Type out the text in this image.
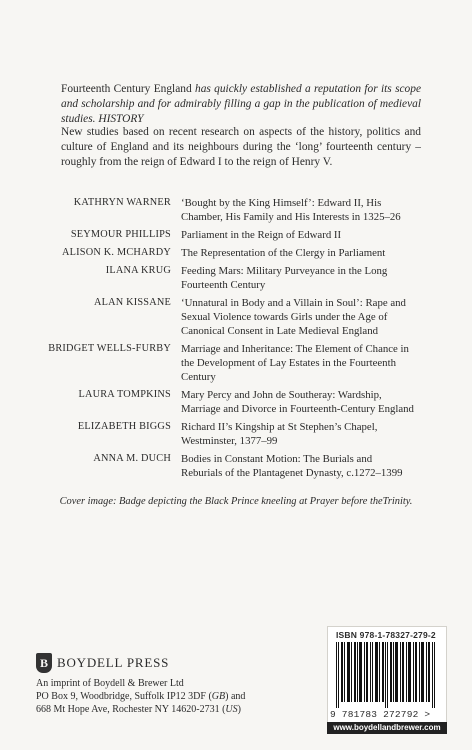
Fourteenth Century England has quickly established a reputation for its scope and scholarship and for admirably filling a gap in the publication of medieval studies. HISTORY

New studies based on recent research on aspects of the history, politics and culture of England and its neighbours during the ‘long’ fourteenth century – roughly from the reign of Edward I to the reign of Henry V.

KATHRYN WARNER ‘Bought by the King Himself’: Edward II, His Chamber, His Family and His Interests in 1325–26
SEYMOUR PHILLIPS Parliament in the Reign of Edward II
ALISON K. MCHARDY The Representation of the Clergy in Parliament
ILANA KRUG Feeding Mars: Military Purveyance in the Long Fourteenth Century
ALAN KISSANE ‘Unnatural in Body and a Villain in Soul’: Rape and Sexual Violence towards Girls under the Age of Canonical Consent in Late Medieval England
BRIDGET WELLS-FURBY Marriage and Inheritance: The Element of Chance in the Development of Lay Estates in the Fourteenth Century
LAURA TOMPKINS Mary Percy and John de Southeray: Wardship, Marriage and Divorce in Fourteenth-Century England
ELIZABETH BIGGS Richard II’s Kingship at St Stephen’s Chapel, Westminster, 1377–99
ANNA M. DUCH Bodies in Constant Motion: The Burials and Reburials of the Plantagenet Dynasty, c.1272–1399
Cover image: Badge depicting the Black Prince kneeling at Prayer before theTrinity.
B BOYDELL PRESS
An imprint of Boydell & Brewer Ltd
PO Box 9, Woodbridge, Suffolk IP12 3DF (GB) and
668 Mt Hope Ave, Rochester NY 14620-2731 (US)
ISBN 978-1-78327-279-2
9 781783 272792 >
www.boydellandbrewer.com
